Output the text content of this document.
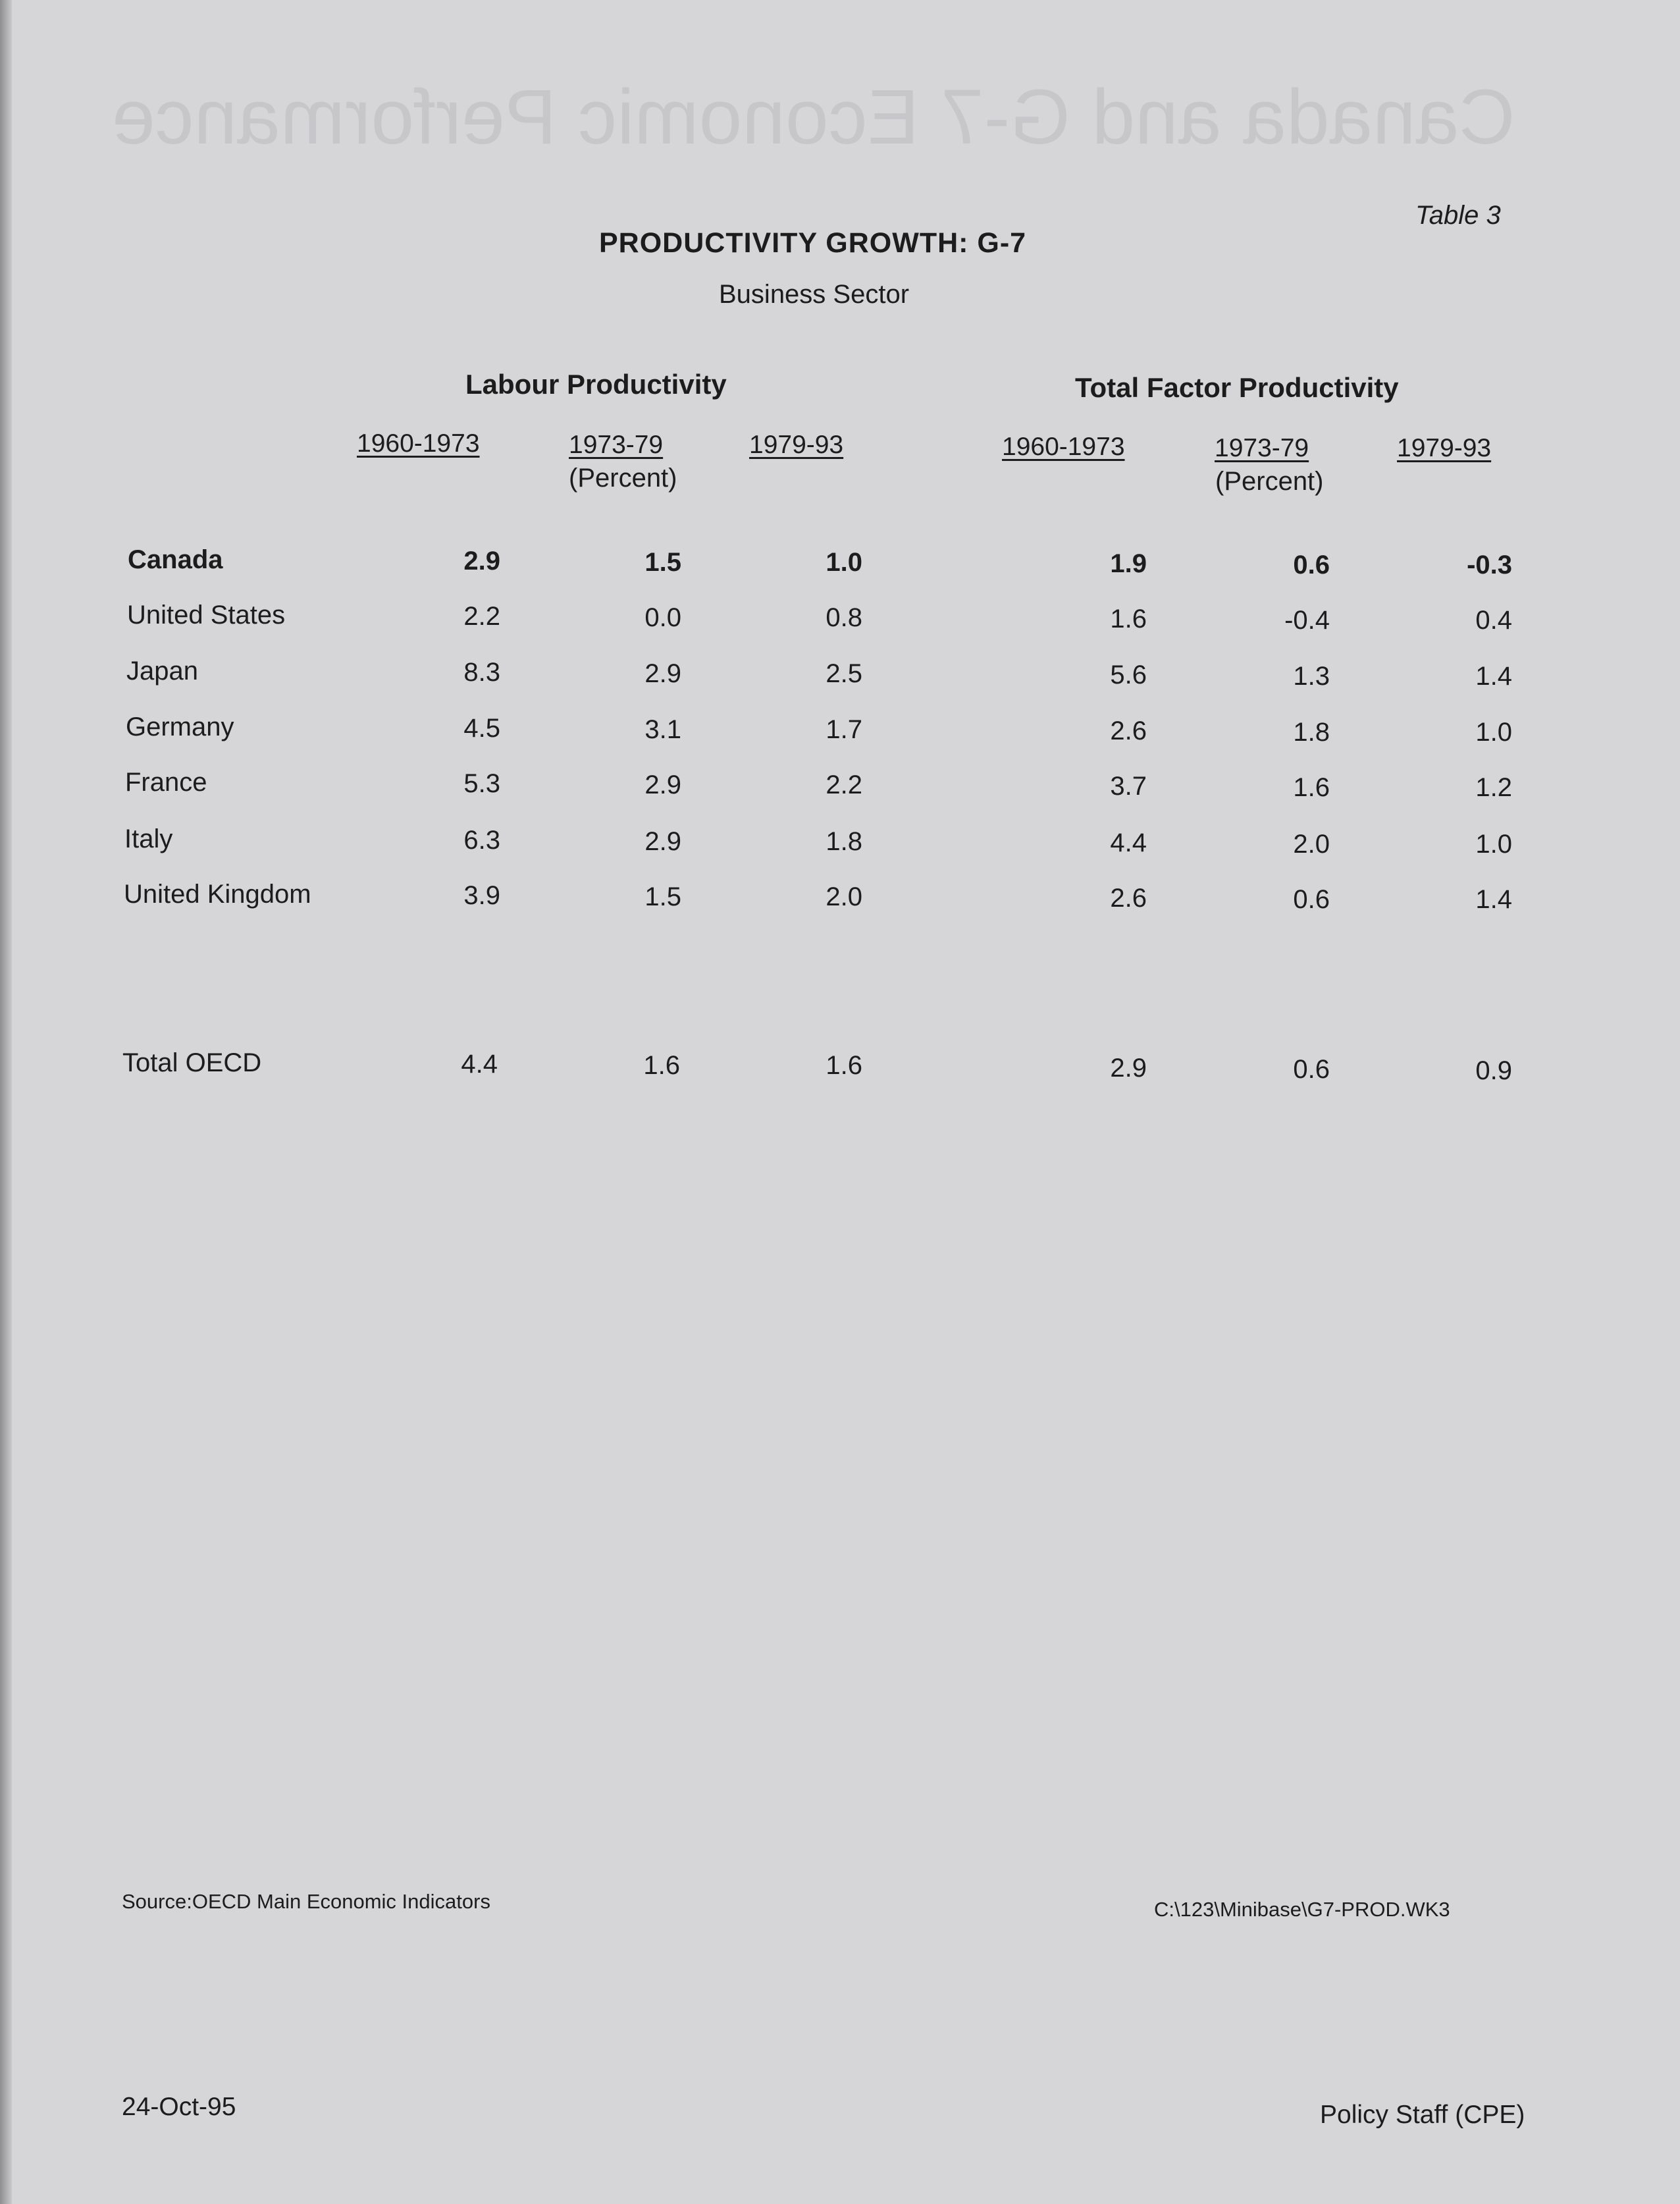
Canada and G-7 Economic Performance
Table 3
PRODUCTIVITY GROWTH: G-7
Business Sector
Labour Productivity	Total Factor Productivity
1960-1973	1973-79	1979-93
(Percent)
1960-1973	1973-79	1979-93
(Percent)
Canada	2.9	1.5	1.0	1.9	0.6	-0.3
United States	2.2	0.0	0.8	1.6	-0.4	0.4
Japan	8.3	2.9	2.5	5.6	1.3	1.4
Germany	4.5	3.1	1.7	2.6	1.8	1.0
France	5.3	2.9	2.2	3.7	1.6	1.2
Italy	6.3	2.9	1.8	4.4	2.0	1.0
United Kingdom	3.9	1.5	2.0	2.6	0.6	1.4
Total OECD	4.4	1.6	1.6	2.9	0.6	0.9
Source:OECD Main Economic Indicators	C:\123\Minibase\G7-PROD.WK3
24-Oct-95	Policy Staff (CPE)
